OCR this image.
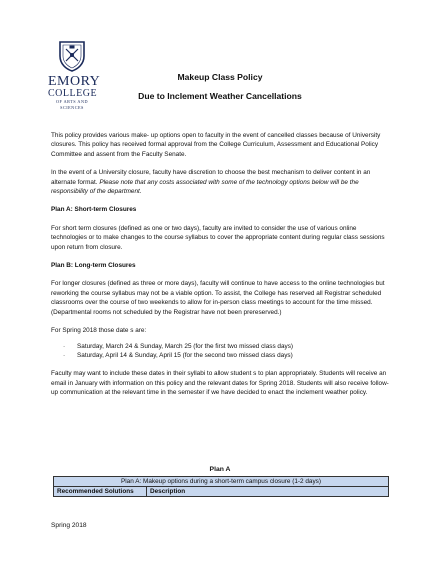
EMORY
COLLEGE
OF ARTS AND
SCIENCES
Makeup Class Policy
Due to Inclement Weather Cancellations

This policy provides various make- up options open to faculty in the event of cancelled classes because of University closures. This policy has received formal approval from the College Curriculum, Assessment and Educational Policy Committee and assent from the Faculty Senate.

In the event of a University closure, faculty have discretion to choose the best mechanism to deliver content in an alternate format. Please note that any costs associated with some of the technology options below will be the responsibility of the department.

Plan A: Short-term Closures

For short term closures (defined as one or two days), faculty are invited to consider the use of various online technologies or to make changes to the course syllabus to cover the appropriate content during regular class sessions upon return from closure.

Plan B: Long-term Closures

For longer closures (defined as three or more days), faculty will continue to have access to the online technologies but reworking the course syllabus may not be a viable option. To assist, the College has reserved all Registrar scheduled classrooms over the course of two weekends to allow for in-person class meetings to account for the time missed. (Departmental rooms not scheduled by the Registrar have not been prereserved.)

For Spring 2018 those date s are:

· Saturday, March 24 & Sunday, March 25 (for the first two missed class days)
· Saturday, April 14 & Sunday, April 15 (for the second two missed class days)

Faculty may want to include these dates in their syllabi to allow student s to plan appropriately. Students will receive an email in January with information on this policy and the relevant dates for Spring 2018. Students will also receive follow-up communication at the relevant time in the semester if we have decided to enact the inclement weather policy.

Plan A
Plan A: Makeup options during a short-term campus closure (1-2 days)
Recommended Solutions	Description
Spring 2018
